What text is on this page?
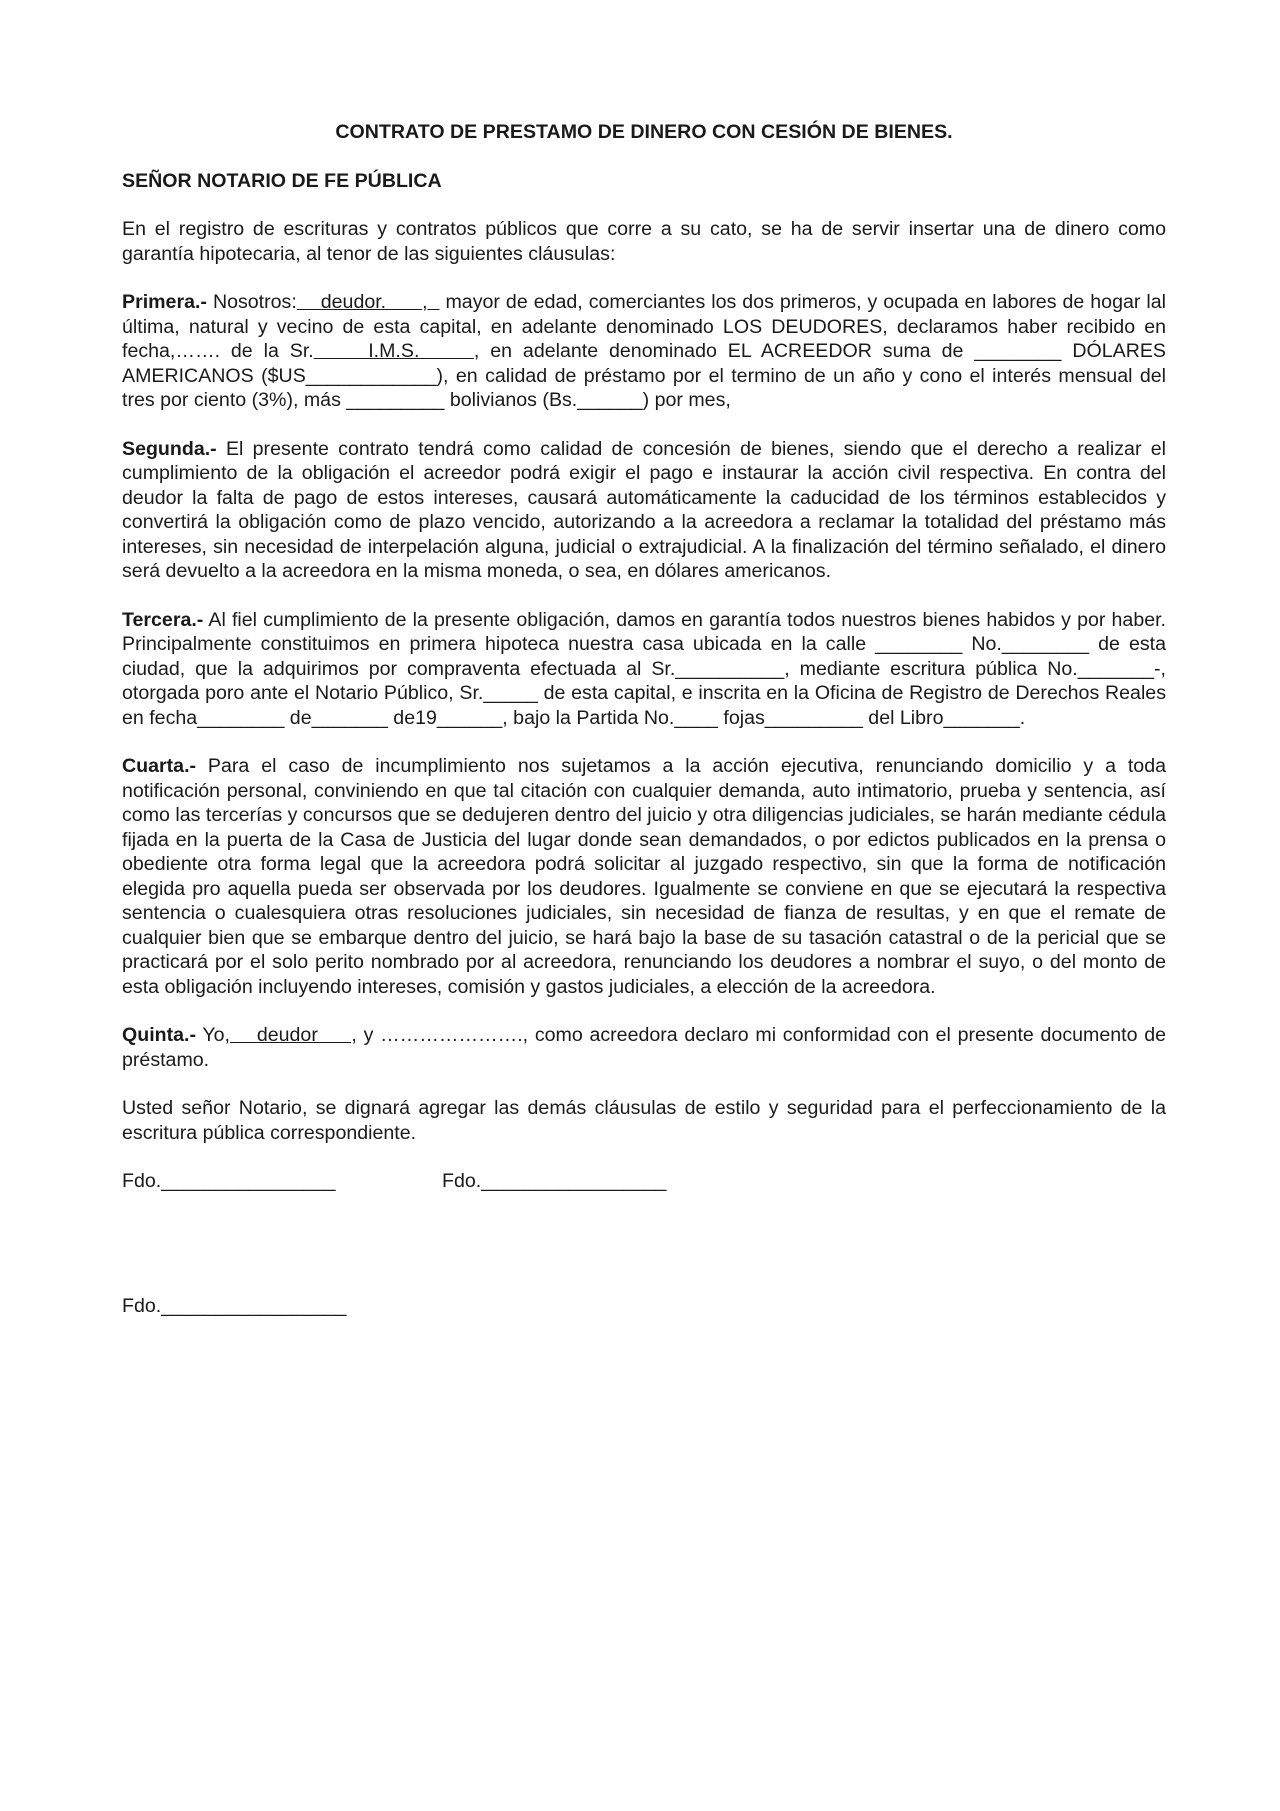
CONTRATO DE PRESTAMO DE DINERO CON CESIÓN DE BIENES.
SEÑOR NOTARIO DE FE PÚBLICA

En el registro de escrituras y contratos públicos que corre a su cato, se ha de servir insertar una de dinero como garantía hipotecaria, al tenor de las siguientes cláusulas:

Primera.- Nosotros:    deudor.      ,   mayor de edad, comerciantes los dos primeros, y ocupada en labores de hogar lal última, natural y vecino de esta capital, en adelante denominado LOS DEUDORES, declaramos haber recibido en fecha,……. de la Sr.     I.M.S.     , en adelante denominado EL ACREEDOR suma de ________ DÓLARES AMERICANOS ($US____________), en calidad de préstamo por el termino de un año y cono el interés mensual del tres por ciento (3%), más _________ bolivianos (Bs.______) por mes,

Segunda.- El presente contrato tendrá como calidad de concesión de bienes, siendo que el derecho a realizar el cumplimiento de la obligación el acreedor podrá exigir el pago e instaurar la acción civil respectiva. En contra del deudor la falta de pago de estos intereses, causará automáticamente la caducidad de los términos establecidos y convertirá la obligación como de plazo vencido, autorizando a la acreedora a reclamar la totalidad del préstamo más intereses, sin necesidad de interpelación alguna, judicial o extrajudicial. A la finalización del término señalado, el dinero será devuelto a la acreedora en la misma moneda, o sea, en dólares americanos.

Tercera.- Al fiel cumplimiento de la presente obligación, damos en garantía todos nuestros bienes habidos y por haber. Principalmente constituimos en primera hipoteca nuestra casa ubicada en la calle ________ No.________ de esta ciudad, que la adquirimos por compraventa efectuada al Sr.__________, mediante escritura pública No._______-, otorgada poro ante el Notario Público, Sr._____ de esta capital, e inscrita en la Oficina de Registro de Derechos Reales en fecha________ de_______ de19______, bajo la Partida No.____ fojas_________ del Libro_______.

Cuarta.- Para el caso de incumplimiento nos sujetamos a la acción ejecutiva, renunciando domicilio y a toda notificación personal, conviniendo en que tal citación con cualquier demanda, auto intimatorio, prueba y sentencia, así como las tercerías y concursos que se dedujeren dentro del juicio y otra diligencias judiciales, se harán mediante cédula fijada en la puerta de la Casa de Justicia del lugar donde sean demandados, o por edictos publicados en la prensa o obediente otra forma legal que la acreedora podrá solicitar al juzgado respectivo, sin que la forma de notificación elegida pro aquella pueda ser observada por los deudores. Igualmente se conviene en que se ejecutará la respectiva sentencia o cualesquiera otras resoluciones judiciales, sin necesidad de fianza de resultas, y en que el remate de cualquier bien que se embarque dentro del juicio, se hará bajo la base de su tasación catastral o de la pericial que se practicará por el solo perito nombrado por al acreedora, renunciando los deudores a nombrar el suyo, o del monto de esta obligación incluyendo intereses, comisión y gastos judiciales, a elección de la acreedora.

Quinta.- Yo,    deudor     , y …………………., como acreedora declaro mi conformidad con el presente documento de préstamo.

Usted señor Notario, se dignará agregar las demás cláusulas de estilo y seguridad para el perfeccionamiento de la escritura pública correspondiente.

Fdo.________________	Fdo._________________
Fdo._________________
